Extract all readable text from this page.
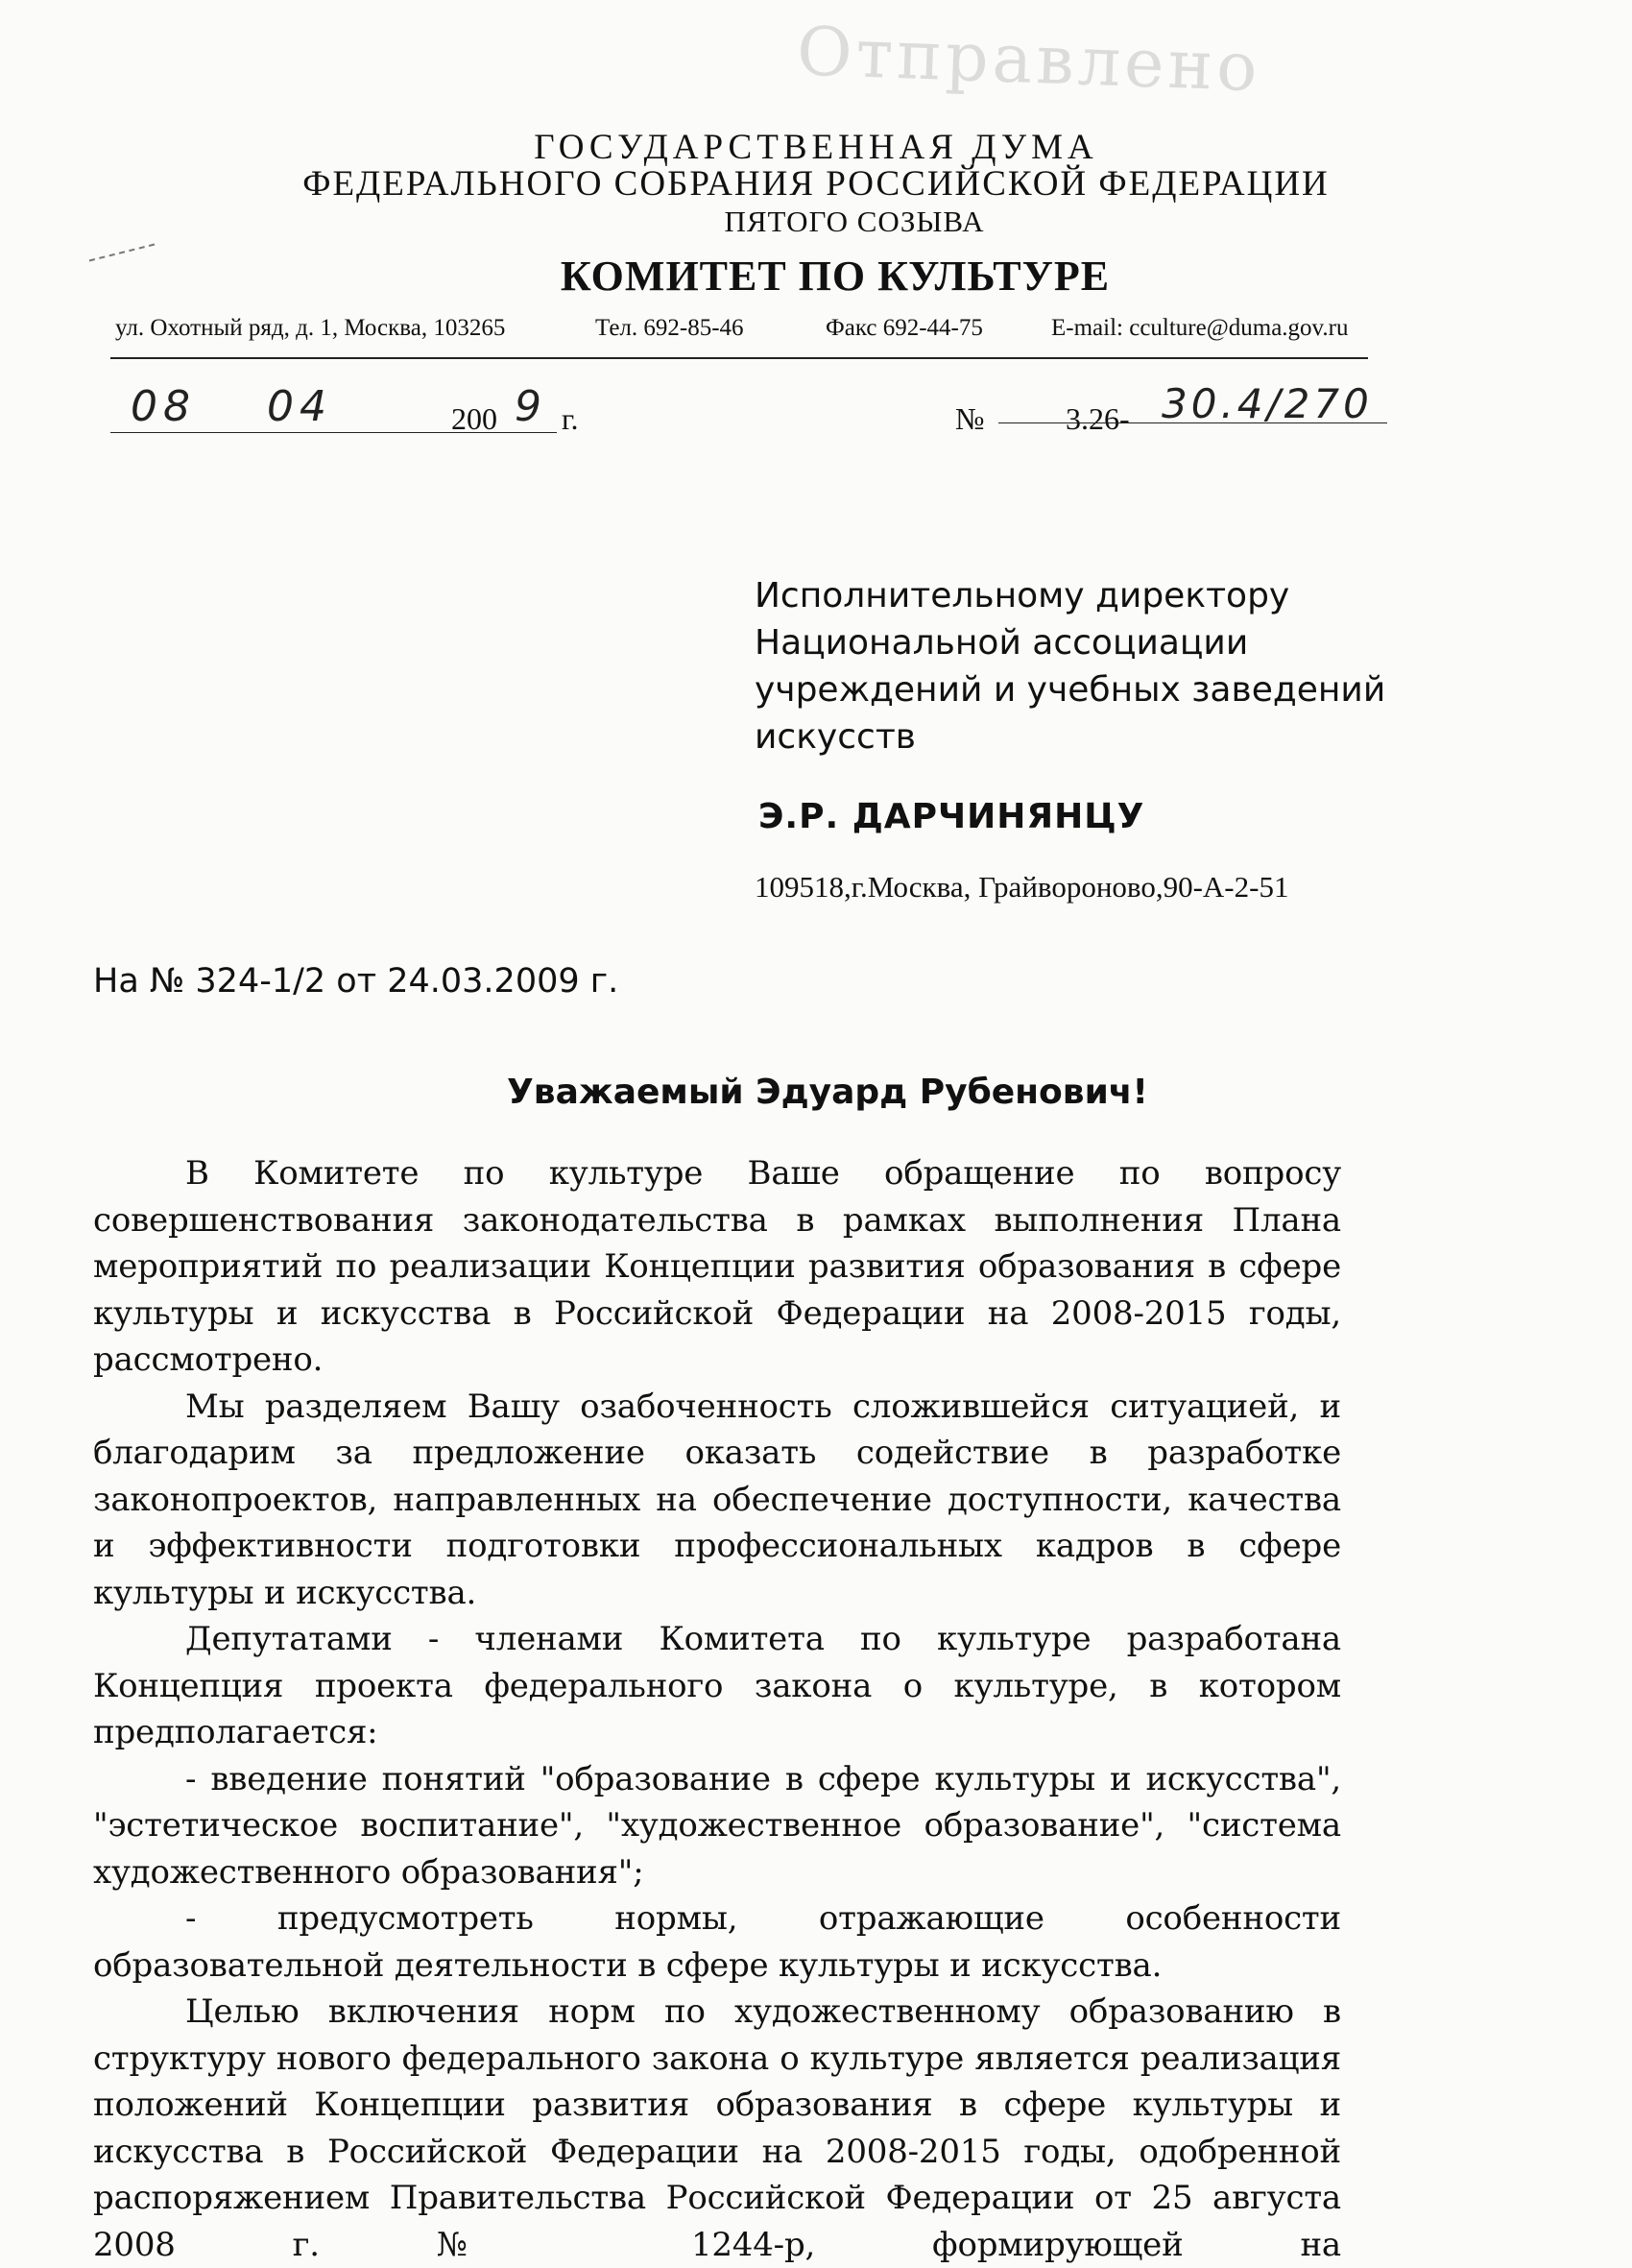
Отправлено
ГОСУДАРСТВЕННАЯ ДУМА
ФЕДЕРАЛЬНОГО СОБРАНИЯ РОССИЙСКОЙ ФЕДЕРАЦИИ
ПЯТОГО СОЗЫВА
КОМИТЕТ ПО КУЛЬТУРЕ
ул. Охотный ряд, д. 1, Москва, 103265	Тел. 692-85-46	Факс 692-44-75	E-mail: cculture@duma.gov.ru
08 04	200 9 г.	№	3.26- 30.4/270
Исполнительному директору
Национальной ассоциации
учреждений и учебных заведений
искусств
Э.Р. ДАРЧИНЯНЦУ
109518,г.Москва, Грайвороново,90-А-2-51
На № 324-1/2 от 24.03.2009 г.
Уважаемый Эдуард Рубенович!

В Комитете по культуре Ваше обращение по вопросу совершенствования законодательства в рамках выполнения Плана мероприятий по реализации Концепции развития образования в сфере культуры и искусства в Российской Федерации на 2008-2015 годы, рассмотрено.

Мы разделяем Вашу озабоченность сложившейся ситуацией, и благодарим за предложение оказать содействие в разработке законопроектов, направленных на обеспечение доступности, качества и эффективности подготовки профессиональных кадров в сфере культуры и искусства.

Депутатами - членами Комитета по культуре разработана Концепция проекта федерального закона о культуре, в котором предполагается:

- введение понятий "образование в сфере культуры и искусства", "эстетическое воспитание", "художественное образование", "система художественного образования";

- предусмотреть нормы, отражающие особенности образовательной деятельности в сфере культуры и искусства.

Целью включения норм по художественному образованию в структуру нового федерального закона о культуре является реализация положений Концепции развития образования в сфере культуры и искусства в Российской Федерации на 2008-2015 годы, одобренной распоряжением Правительства Российской Федерации от 25 августа 2008 г. № 1244-р, формирующей на
